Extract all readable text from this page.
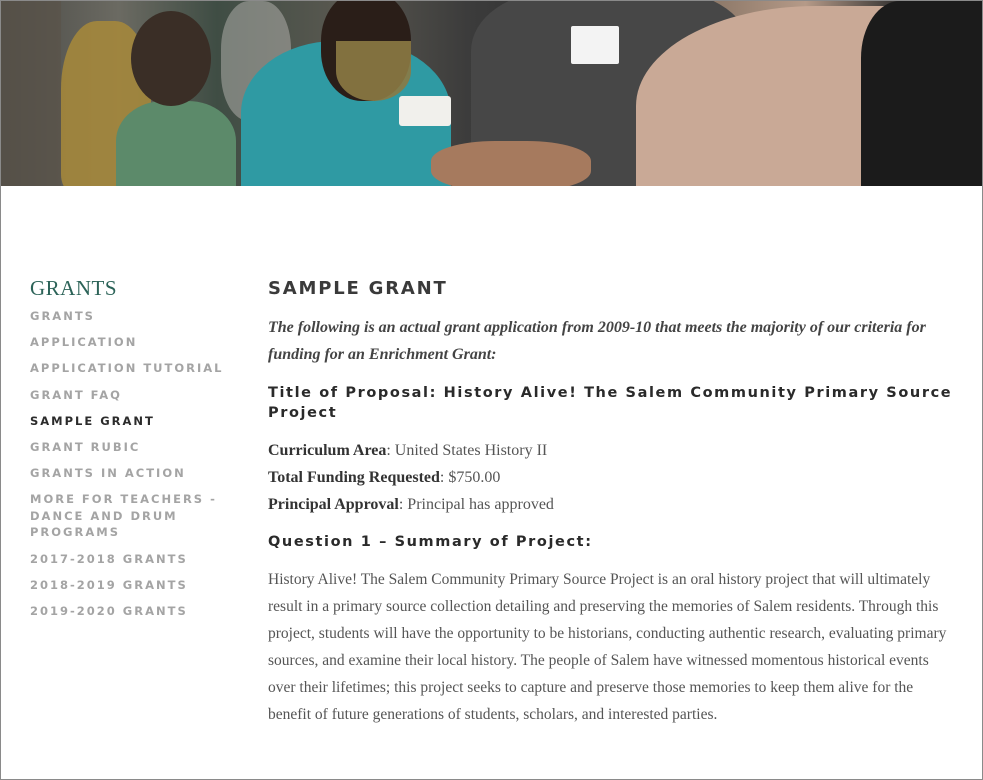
GRANTS
GRANTS
APPLICATION
APPLICATION TUTORIAL
GRANT FAQ
SAMPLE GRANT
GRANT RUBIC
GRANTS IN ACTION
MORE FOR TEACHERS - DANCE AND DRUM PROGRAMS
2017-2018 GRANTS
2018-2019 GRANTS
2019-2020 GRANTS
SAMPLE GRANT

The following is an actual grant application from 2009-10 that meets the majority of our criteria for funding for an Enrichment Grant:

Title of Proposal: History Alive! The Salem Community Primary Source Project
Curriculum Area: United States History II
Total Funding Requested: $750.00
Principal Approval: Principal has approved
Question 1 – Summary of Project:

History Alive! The Salem Community Primary Source Project is an oral history project that will ultimately result in a primary source collection detailing and preserving the memories of Salem residents. Through this project, students will have the opportunity to be historians, conducting authentic research, evaluating primary sources, and examine their local history. The people of Salem have witnessed momentous historical events over their lifetimes; this project seeks to capture and preserve those memories to keep them alive for the benefit of future generations of students, scholars, and interested parties.
